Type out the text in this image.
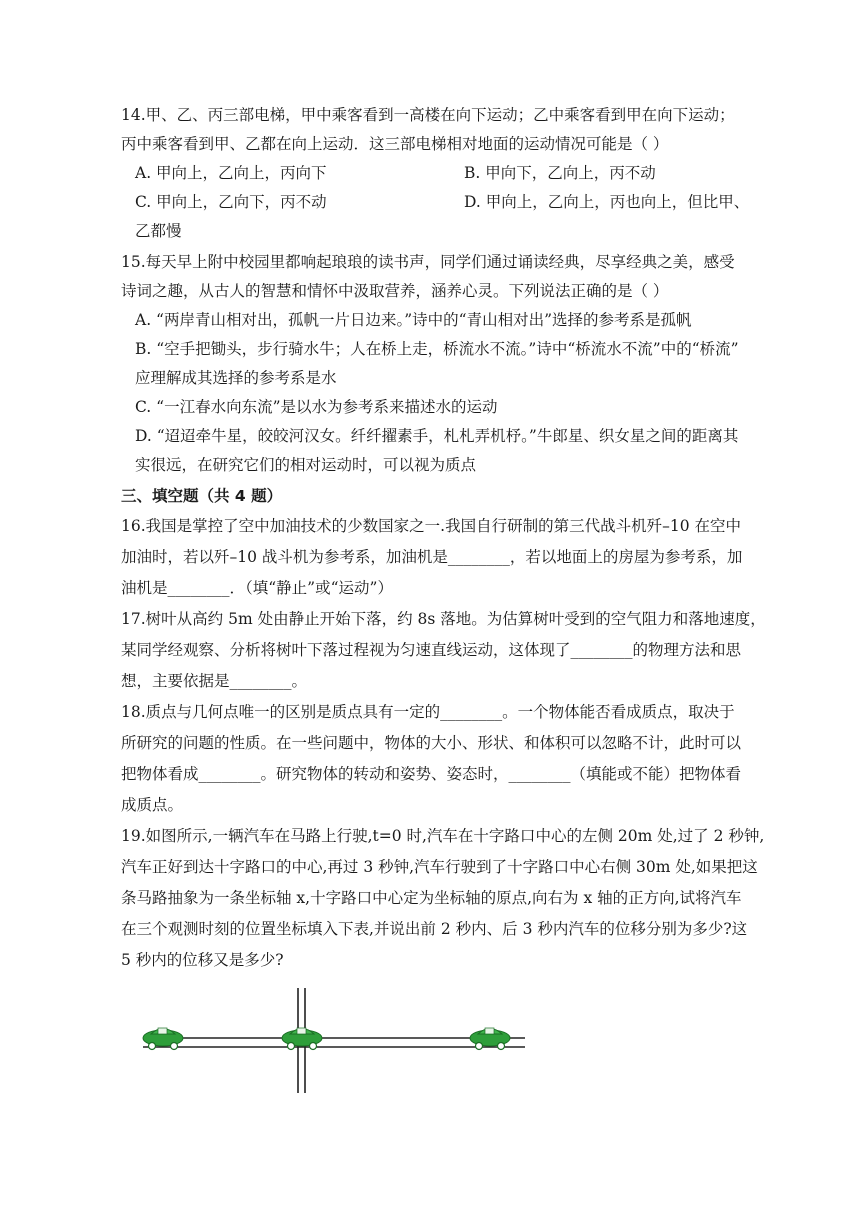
14.甲、乙、丙三部电梯，甲中乘客看到一高楼在向下运动；乙中乘客看到甲在向下运动；
丙中乘客看到甲、乙都在向上运动．这三部电梯相对地面的运动情况可能是（ ）
A. 甲向上，乙向上，丙向下	B. 甲向下，乙向上，丙不动
C. 甲向上，乙向下，丙不动	D. 甲向上，乙向上，丙也向上，但比甲、
乙都慢
15.每天早上附中校园里都响起琅琅的读书声，同学们通过诵读经典，尽享经典之美，感受
诗词之趣，从古人的智慧和情怀中汲取营养，涵养心灵。下列说法正确的是（ ）
A. “两岸青山相对出，孤帆一片日边来。”诗中的“青山相对出”选择的参考系是孤帆
B. “空手把锄头，步行骑水牛；人在桥上走，桥流水不流。”诗中“桥流水不流”中的“桥流”
应理解成其选择的参考系是水
C. “一江春水向东流”是以水为参考系来描述水的运动
D. “迢迢牵牛星，皎皎河汉女。纤纤擢素手，札札弄机杼。”牛郎星、织女星之间的距离其
实很远，在研究它们的相对运动时，可以视为质点
三、填空题（共 4 题）
16.我国是掌控了空中加油技术的少数国家之一.我国自行研制的第三代战斗机歼–10 在空中
加油时，若以歼–10 战斗机为参考系，加油机是________，若以地面上的房屋为参考系，加
油机是________．（填“静止”或“运动”）
17.树叶从高约 5m 处由静止开始下落，约 8s 落地。为估算树叶受到的空气阻力和落地速度，
某同学经观察、分析将树叶下落过程视为匀速直线运动，这体现了________的物理方法和思
想，主要依据是________。
18.质点与几何点唯一的区别是质点具有一定的________。一个物体能否看成质点，取决于
所研究的问题的性质。在一些问题中，物体的大小、形状、和体积可以忽略不计，此时可以
把物体看成________。研究物体的转动和姿势、姿态时，________（填能或不能）把物体看
成质点。
19.如图所示,一辆汽车在马路上行驶,t=0 时,汽车在十字路口中心的左侧 20m 处,过了 2 秒钟,
汽车正好到达十字路口的中心,再过 3 秒钟,汽车行驶到了十字路口中心右侧 30m 处,如果把这
条马路抽象为一条坐标轴 x,十字路口中心定为坐标轴的原点,向右为 x 轴的正方向,试将汽车
在三个观测时刻的位置坐标填入下表,并说出前 2 秒内、后 3 秒内汽车的位移分别为多少?这
5 秒内的位移又是多少?
